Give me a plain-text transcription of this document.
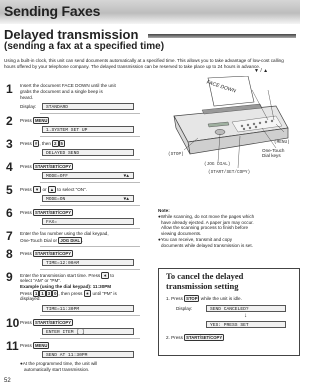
Sending Faxes
Delayed transmission
(sending a fax at a specified time)
Using a built-in clock, this unit can send documents automatically at a specified time. This allows you to take advantage of low-cost calling hours offered by your telephone company. The delayed transmission can be reserved to take place up to 24 hours in advance.
1 Insert the document FACE DOWN until the unit
grabs the document and a single beep is
heard.
Display:	STANDARD
2 Press MENU
1.SYSTEM SET UP
3 Press # , then 2 5
DELAYED SEND
4 Press START/SET/COPY
MODE=OFF	▼▲
5 Press ▼ or ▲ to select “ON”.
MODE=ON	▼▲
6 Press START/SET/COPY
FAX=
7 Enter the fax number using the dial keypad,
One-Touch Dial or JOG DIAL .
8 Press START/SET/COPY
TIME=12:00AM
9 Enter the transmission start time. Press ✶ to
select “AM” or “PM”.
Example (using the dial keypad): 11:30PM
Press 1 1 3 0 , then press ✶ until “PM” is
displayed.
TIME=11:30PM
10 Press START/SET/COPY
ENTER ITEM [ ]
11 Press MENU
SEND AT 11:30PM
●At the programmed time, the unit will
automatically start transmission.
▼ / ▲
FACE DOWN
(MENU)
(STOP)
One-Touch
Dial keys
(JOG DIAL)
(START/SET/COPY)
Note:
●While scanning, do not move the pages which
have already ejected. A paper jam may occur.
Allow the scanning process to finish before
viewing documents.
●You can receive, transmit and copy
documents while delayed transmission is set.
To cancel the delayed
transmission setting
1. Press STOP while the unit is idle.
Display:	SEND CANCELED?
↓
YES: PRESS SET
2. Press START/SET/COPY
52
